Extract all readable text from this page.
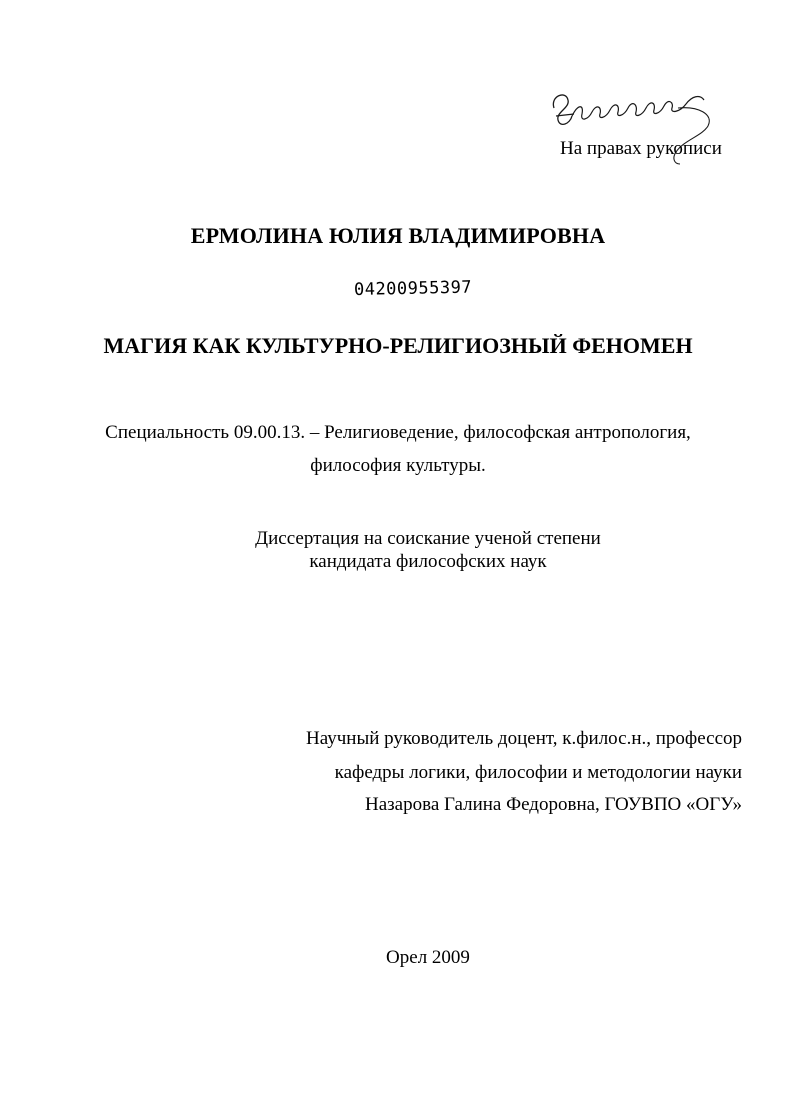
На правах рукописи
ЕРМОЛИНА ЮЛИЯ ВЛАДИМИРОВНА
04200955397
МАГИЯ КАК КУЛЬТУРНО-РЕЛИГИОЗНЫЙ ФЕНОМЕН
Специальность 09.00.13. – Религиоведение, философская антропология,
философия культуры.
Диссертация на соискание ученой степени
кандидата философских наук
Научный руководитель доцент, к.филос.н., профессор
кафедры логики, философии и методологии науки
Назарова Галина Федоровна, ГОУВПО «ОГУ»
Орел 2009
